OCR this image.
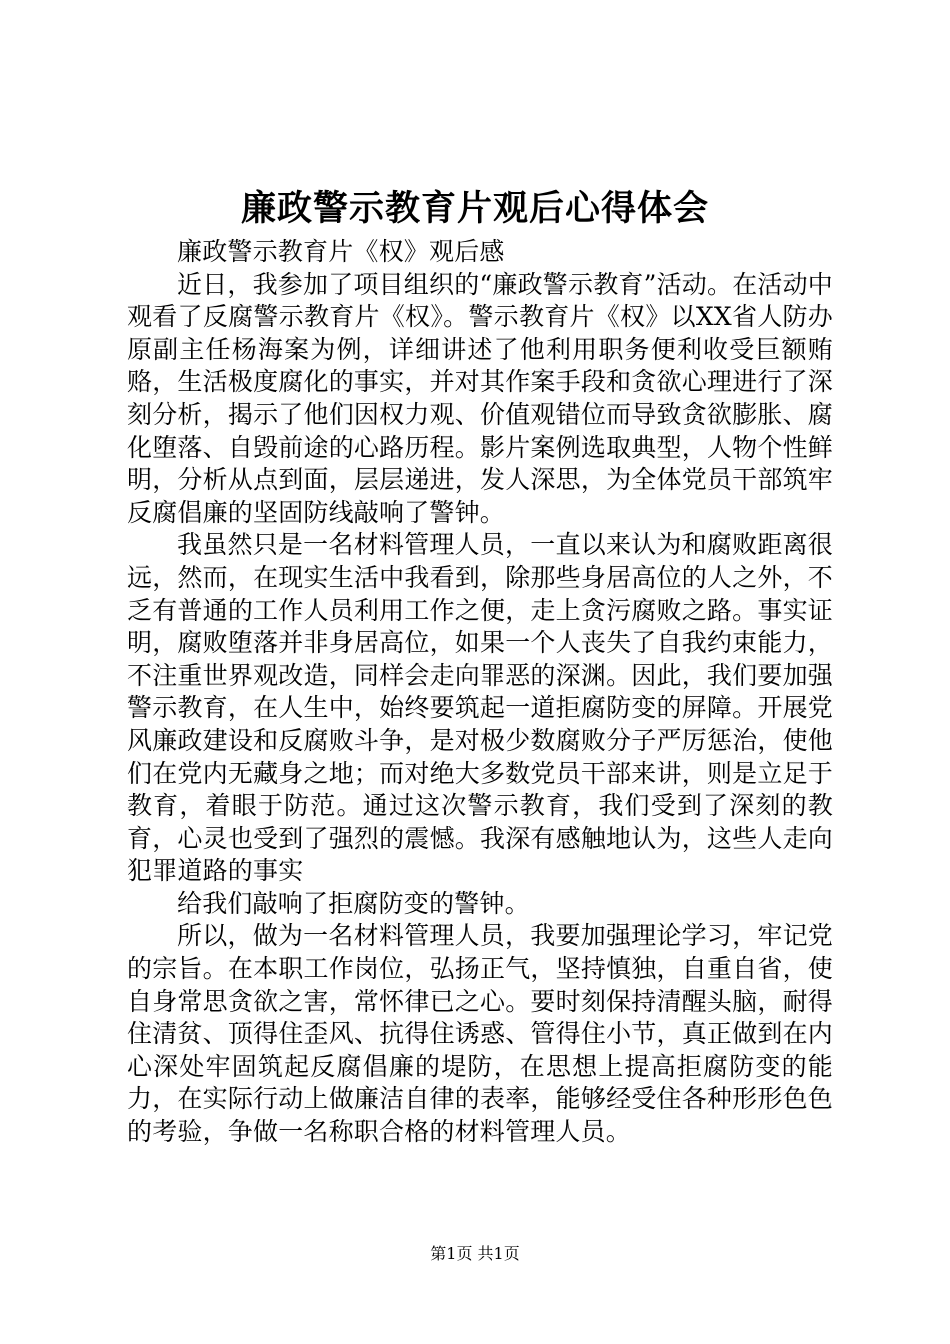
廉政警示教育片观后心得体会

廉政警示教育片《权》观后感

近日，我参加了项目组织的“廉政警示教育”活动。在活动中观看了反腐警示教育片《权》。警示教育片《权》以XX省人防办原副主任杨海案为例，详细讲述了他利用职务便利收受巨额贿赂，生活极度腐化的事实，并对其作案手段和贪欲心理进行了深刻分析，揭示了他们因权力观、价值观错位而导致贪欲膨胀、腐化堕落、自毁前途的心路历程。影片案例选取典型，人物个性鲜明，分析从点到面，层层递进，发人深思，为全体党员干部筑牢反腐倡廉的坚固防线敲响了警钟。

我虽然只是一名材料管理人员，一直以来认为和腐败距离很远，然而，在现实生活中我看到，除那些身居高位的人之外，不乏有普通的工作人员利用工作之便，走上贪污腐败之路。事实证明，腐败堕落并非身居高位，如果一个人丧失了自我约束能力，不注重世界观改造，同样会走向罪恶的深渊。因此，我们要加强警示教育，在人生中，始终要筑起一道拒腐防变的屏障。开展党风廉政建设和反腐败斗争，是对极少数腐败分子严厉惩治，使他们在党内无藏身之地；而对绝大多数党员干部来讲，则是立足于教育，着眼于防范。通过这次警示教育，我们受到了深刻的教育，心灵也受到了强烈的震憾。我深有感触地认为，这些人走向犯罪道路的事实

给我们敲响了拒腐防变的警钟。

所以，做为一名材料管理人员，我要加强理论学习，牢记党的宗旨。在本职工作岗位，弘扬正气，坚持慎独，自重自省，使自身常思贪欲之害，常怀律已之心。要时刻保持清醒头脑，耐得住清贫、顶得住歪风、抗得住诱惑、管得住小节，真正做到在内心深处牢固筑起反腐倡廉的堤防，在思想上提高拒腐防变的能力，在实际行动上做廉洁自律的表率，能够经受住各种形形色色的考验，争做一名称职合格的材料管理人员。

第1页 共1页
